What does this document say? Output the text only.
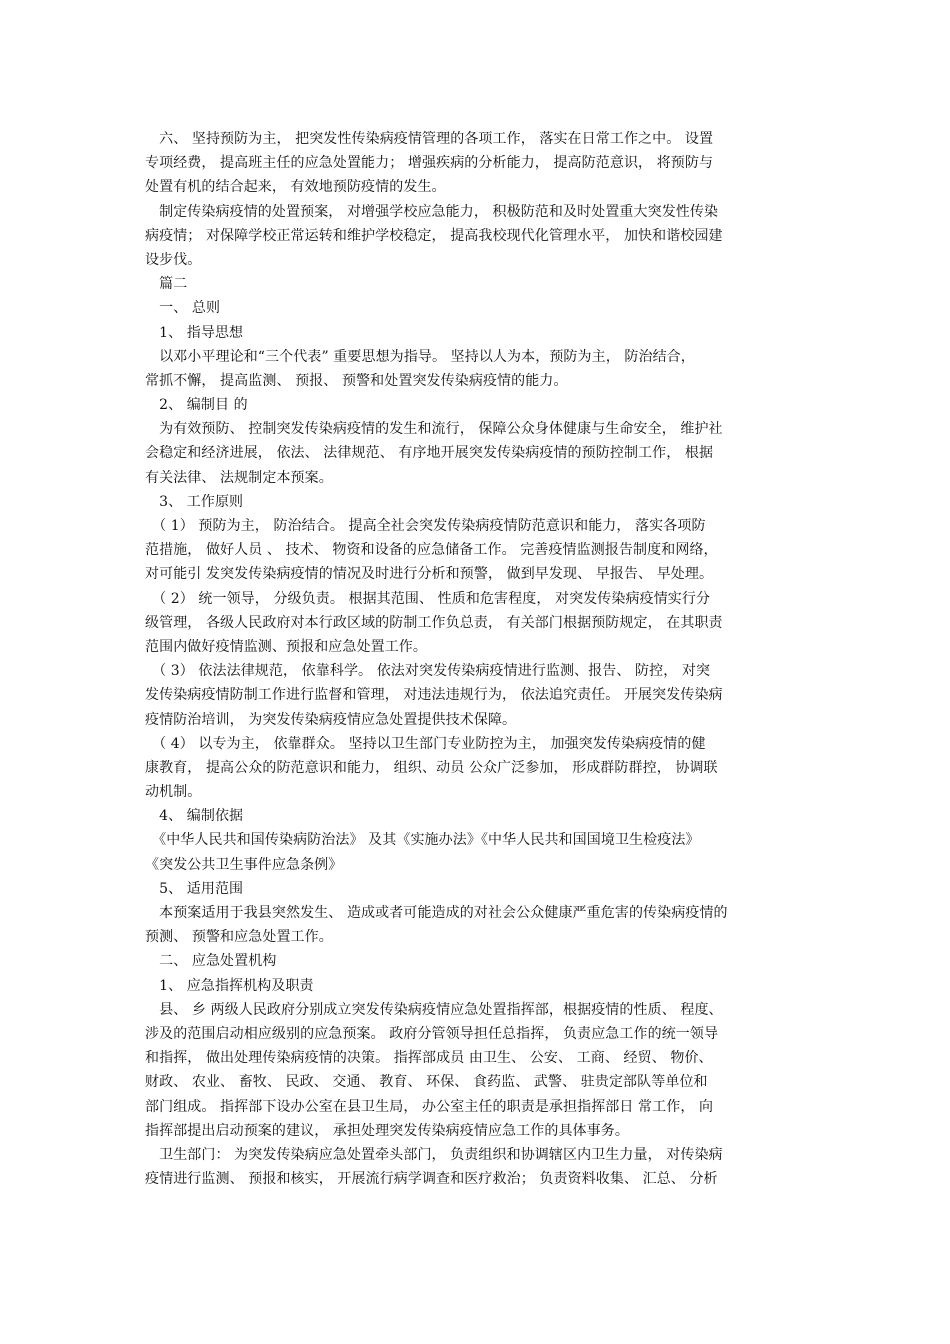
　六、 坚持预防为主， 把突发性传染病疫情管理的各项工作， 落实在日常工作之中。 设置
专项经费， 提高班主任的应急处置能力； 增强疾病的分析能力， 提高防范意识， 将预防与
处置有机的结合起来， 有效地预防疫情的发生。
　制定传染病疫情的处置预案， 对增强学校应急能力， 积极防范和及时处置重大突发性传染
病疫情； 对保障学校正常运转和维护学校稳定， 提高我校现代化管理水平， 加快和谐校园建
设步伐。
　篇二
　一、 总则
　1、 指导思想
　以邓小平理论和“三个代表” 重要思想为指导。 坚持以人为本，预防为主， 防治结合，
常抓不懈， 提高监测、 预报、 预警和处置突发传染病疫情的能力。
　2、 编制目 的
　为有效预防、 控制突发传染病疫情的发生和流行， 保障公众身体健康与生命安全， 维护社
会稳定和经济进展， 依法、 法律规范、 有序地开展突发传染病疫情的预防控制工作， 根据
有关法律、 法规制定本预案。
　3、 工作原则
　（ 1） 预防为主， 防治结合。 提高全社会突发传染病疫情防范意识和能力， 落实各项防
范措施， 做好人员 、 技术、 物资和设备的应急储备工作。 完善疫情监测报告制度和网络，
对可能引 发突发传染病疫情的情况及时进行分析和预警， 做到早发现、 早报告、 早处理。
　（ 2） 统一领导， 分级负责。 根据其范围、 性质和危害程度， 对突发传染病疫情实行分
级管理， 各级人民政府对本行政区域的防制工作负总责， 有关部门根据预防规定， 在其职责
范围内做好疫情监测、预报和应急处置工作。
　（ 3） 依法法律规范， 依靠科学。 依法对突发传染病疫情进行监测、报告、 防控， 对突
发传染病疫情防制工作进行监督和管理， 对违法违规行为， 依法追究责任。 开展突发传染病
疫情防治培训， 为突发传染病疫情应急处置提供技术保障。
　（ 4） 以专为主， 依靠群众。 坚持以卫生部门专业防控为主， 加强突发传染病疫情的健
康教育， 提高公众的防范意识和能力， 组织、动员 公众广泛参加， 形成群防群控， 协调联
动机制。
　4、 编制依据
　《中华人民共和国传染病防治法》 及其《实施办法》《中华人民共和国国境卫生检疫法》
《突发公共卫生事件应急条例》
　5、 适用范围
　本预案适用于我县突然发生、 造成或者可能造成的对社会公众健康严重危害的传染病疫情的
预测、 预警和应急处置工作。
　二、 应急处置机构
　1、 应急指挥机构及职责
　县、 乡 两级人民政府分别成立突发传染病疫情应急处置指挥部，根据疫情的性质、 程度、
涉及的范围启动相应级别的应急预案。 政府分管领导担任总指挥， 负责应急工作的统一领导
和指挥， 做出处理传染病疫情的决策。 指挥部成员 由卫生、 公安、 工商、 经贸、 物价、
财政、 农业、 畜牧、 民政、 交通、 教育、 环保、 食药监、 武警、 驻贵定部队等单位和
部门组成。 指挥部下设办公室在县卫生局， 办公室主任的职责是承担指挥部日 常工作， 向
指挥部提出启动预案的建议， 承担处理突发传染病疫情应急工作的具体事务。
　卫生部门： 为突发传染病应急处置牵头部门， 负责组织和协调辖区内卫生力量， 对传染病
疫情进行监测、 预报和核实， 开展流行病学调查和医疗救治； 负责资料收集、 汇总、 分析
